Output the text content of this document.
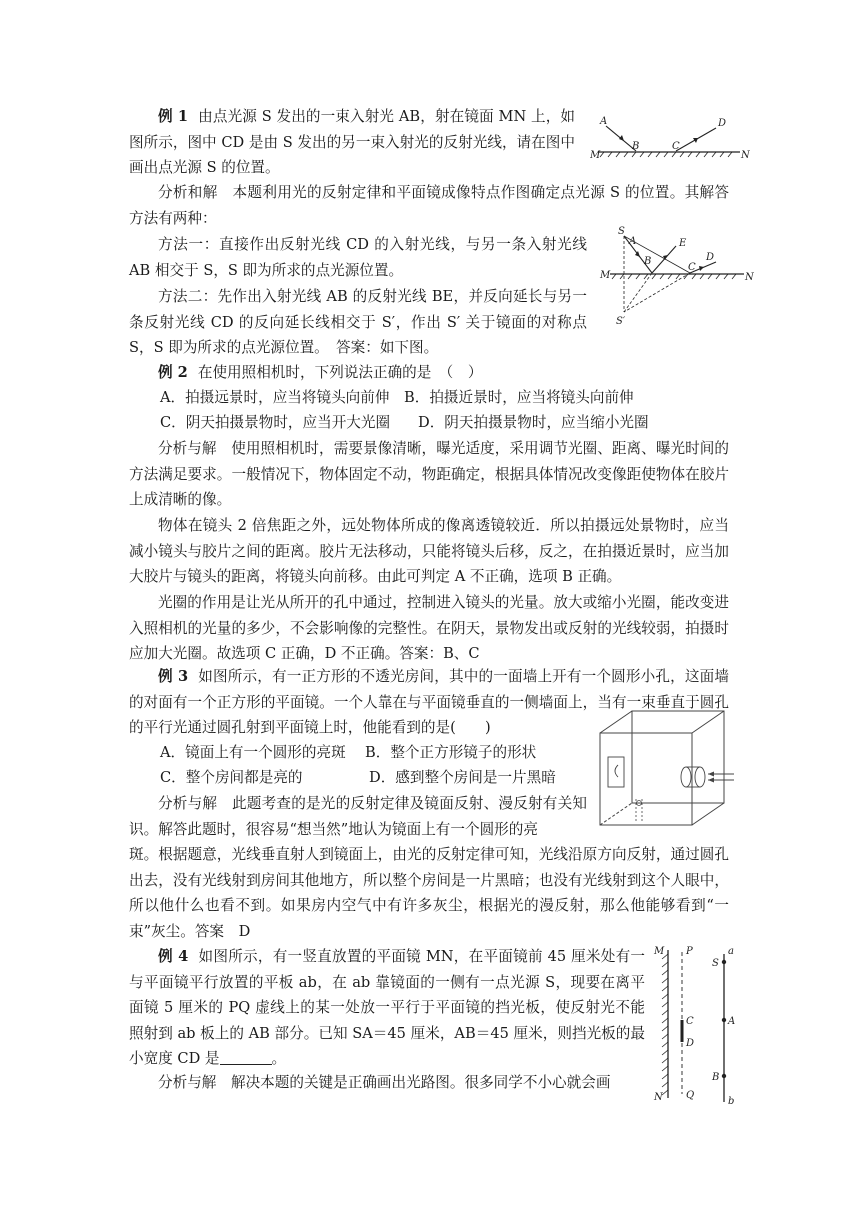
例 1 由点光源 S 发出的一束入射光 AB，射在镜面 MN 上，如图所示，图中 CD 是由 S 发出的另一束入射光的反射光线，请在图中画出点光源 S 的位置。

A
B	C
D
M	N

分析和解　本题利用光的反射定律和平面镜成像特点作图确定点光源 S 的位置。其解答方法有两种：

方法一：直接作出反射光线 CD 的入射光线，与另一条入射光线 AB 相交于 S，S 即为所求的点光源位置。

方法二：先作出入射光线 AB 的反射光线 BE，并反向延长与另一条反射光线 CD 的反向延长线相交于 S′，作出 S′ 关于镜面的对称点 S，S 即为所求的点光源位置。　答案：如下图。

S
A
B
E
C
D
M	N
S′

例 2 在使用照相机时，下列说法正确的是　（　）

A．拍摄远景时，应当将镜头向前伸 B．拍摄近景时，应当将镜头向前伸
C．阴天拍摄景物时，应当开大光圈 D．阴天拍摄景物时，应当缩小光圈

分析与解　使用照相机时，需要景像清晰，曝光适度，采用调节光圈、距离、曝光时间的方法满足要求。一般情况下，物体固定不动，物距确定，根据具体情况改变像距使物体在胶片上成清晰的像。

物体在镜头 2 倍焦距之外，远处物体所成的像离透镜较近．所以拍摄远处景物时，应当减小镜头与胶片之间的距离。胶片无法移动，只能将镜头后移，反之，在拍摄近景时，应当加大胶片与镜头的距离，将镜头向前移。由此可判定 A 不正确，选项 B 正确。

光圈的作用是让光从所开的孔中通过，控制进入镜头的光量。放大或缩小光圈，能改变进入照相机的光量的多少，不会影响像的完整性。在阴天，景物发出或反射的光线较弱，拍摄时应加大光圈。故选项 C 正确，D 不正确。答案：B、C

例 3 如图所示，有一正方形的不透光房间，其中的一面墙上开有一个圆形小孔，这面墙的对面有一个正方形的平面镜。一个人靠在与平面镜垂直的一侧墙面上，当有一束垂直于圆孔的平行光通过圆孔射到平面镜上时，他能看到的是(　　)

A．镜面上有一个圆形的亮斑 B．整个正方形镜子的形状
C．整个房间都是亮的	D．感到整个房间是一片黑暗

分析与解　此题考查的是光的反射定律及镜面反射、漫反射有关知识。解答此题时，很容易“想当然”地认为镜面上有一个圆形的亮

斑。根据题意，光线垂直射人到镜面上，由光的反射定律可知，光线沿原方向反射，通过圆孔出去，没有光线射到房间其他地方，所以整个房间是一片黑暗；也没有光线射到这个人眼中，所以他什么也看不到。如果房内空气中有许多灰尘，根据光的漫反射，那么他能够看到“一束”灰尘。答案　D

例 4 如图所示，有一竖直放置的平面镜 MN，在平面镜前 45 厘米处有一与平面镜平行放置的平板 ab，在 ab 靠镜面的一侧有一点光源 S，现要在离平面镜 5 厘米的 PQ 虚线上的某一处放一平行于平面镜的挡光板，使反射光不能照射到 ab 板上的 AB 部分。已知 SA＝45 厘米，AB＝45 厘米，则挡光板的最小宽度 CD 是	。

分析与解　解决本题的关键是正确画出光路图。很多同学不小心就会画

M P
C
D
N Q
a
S
A
B
b
